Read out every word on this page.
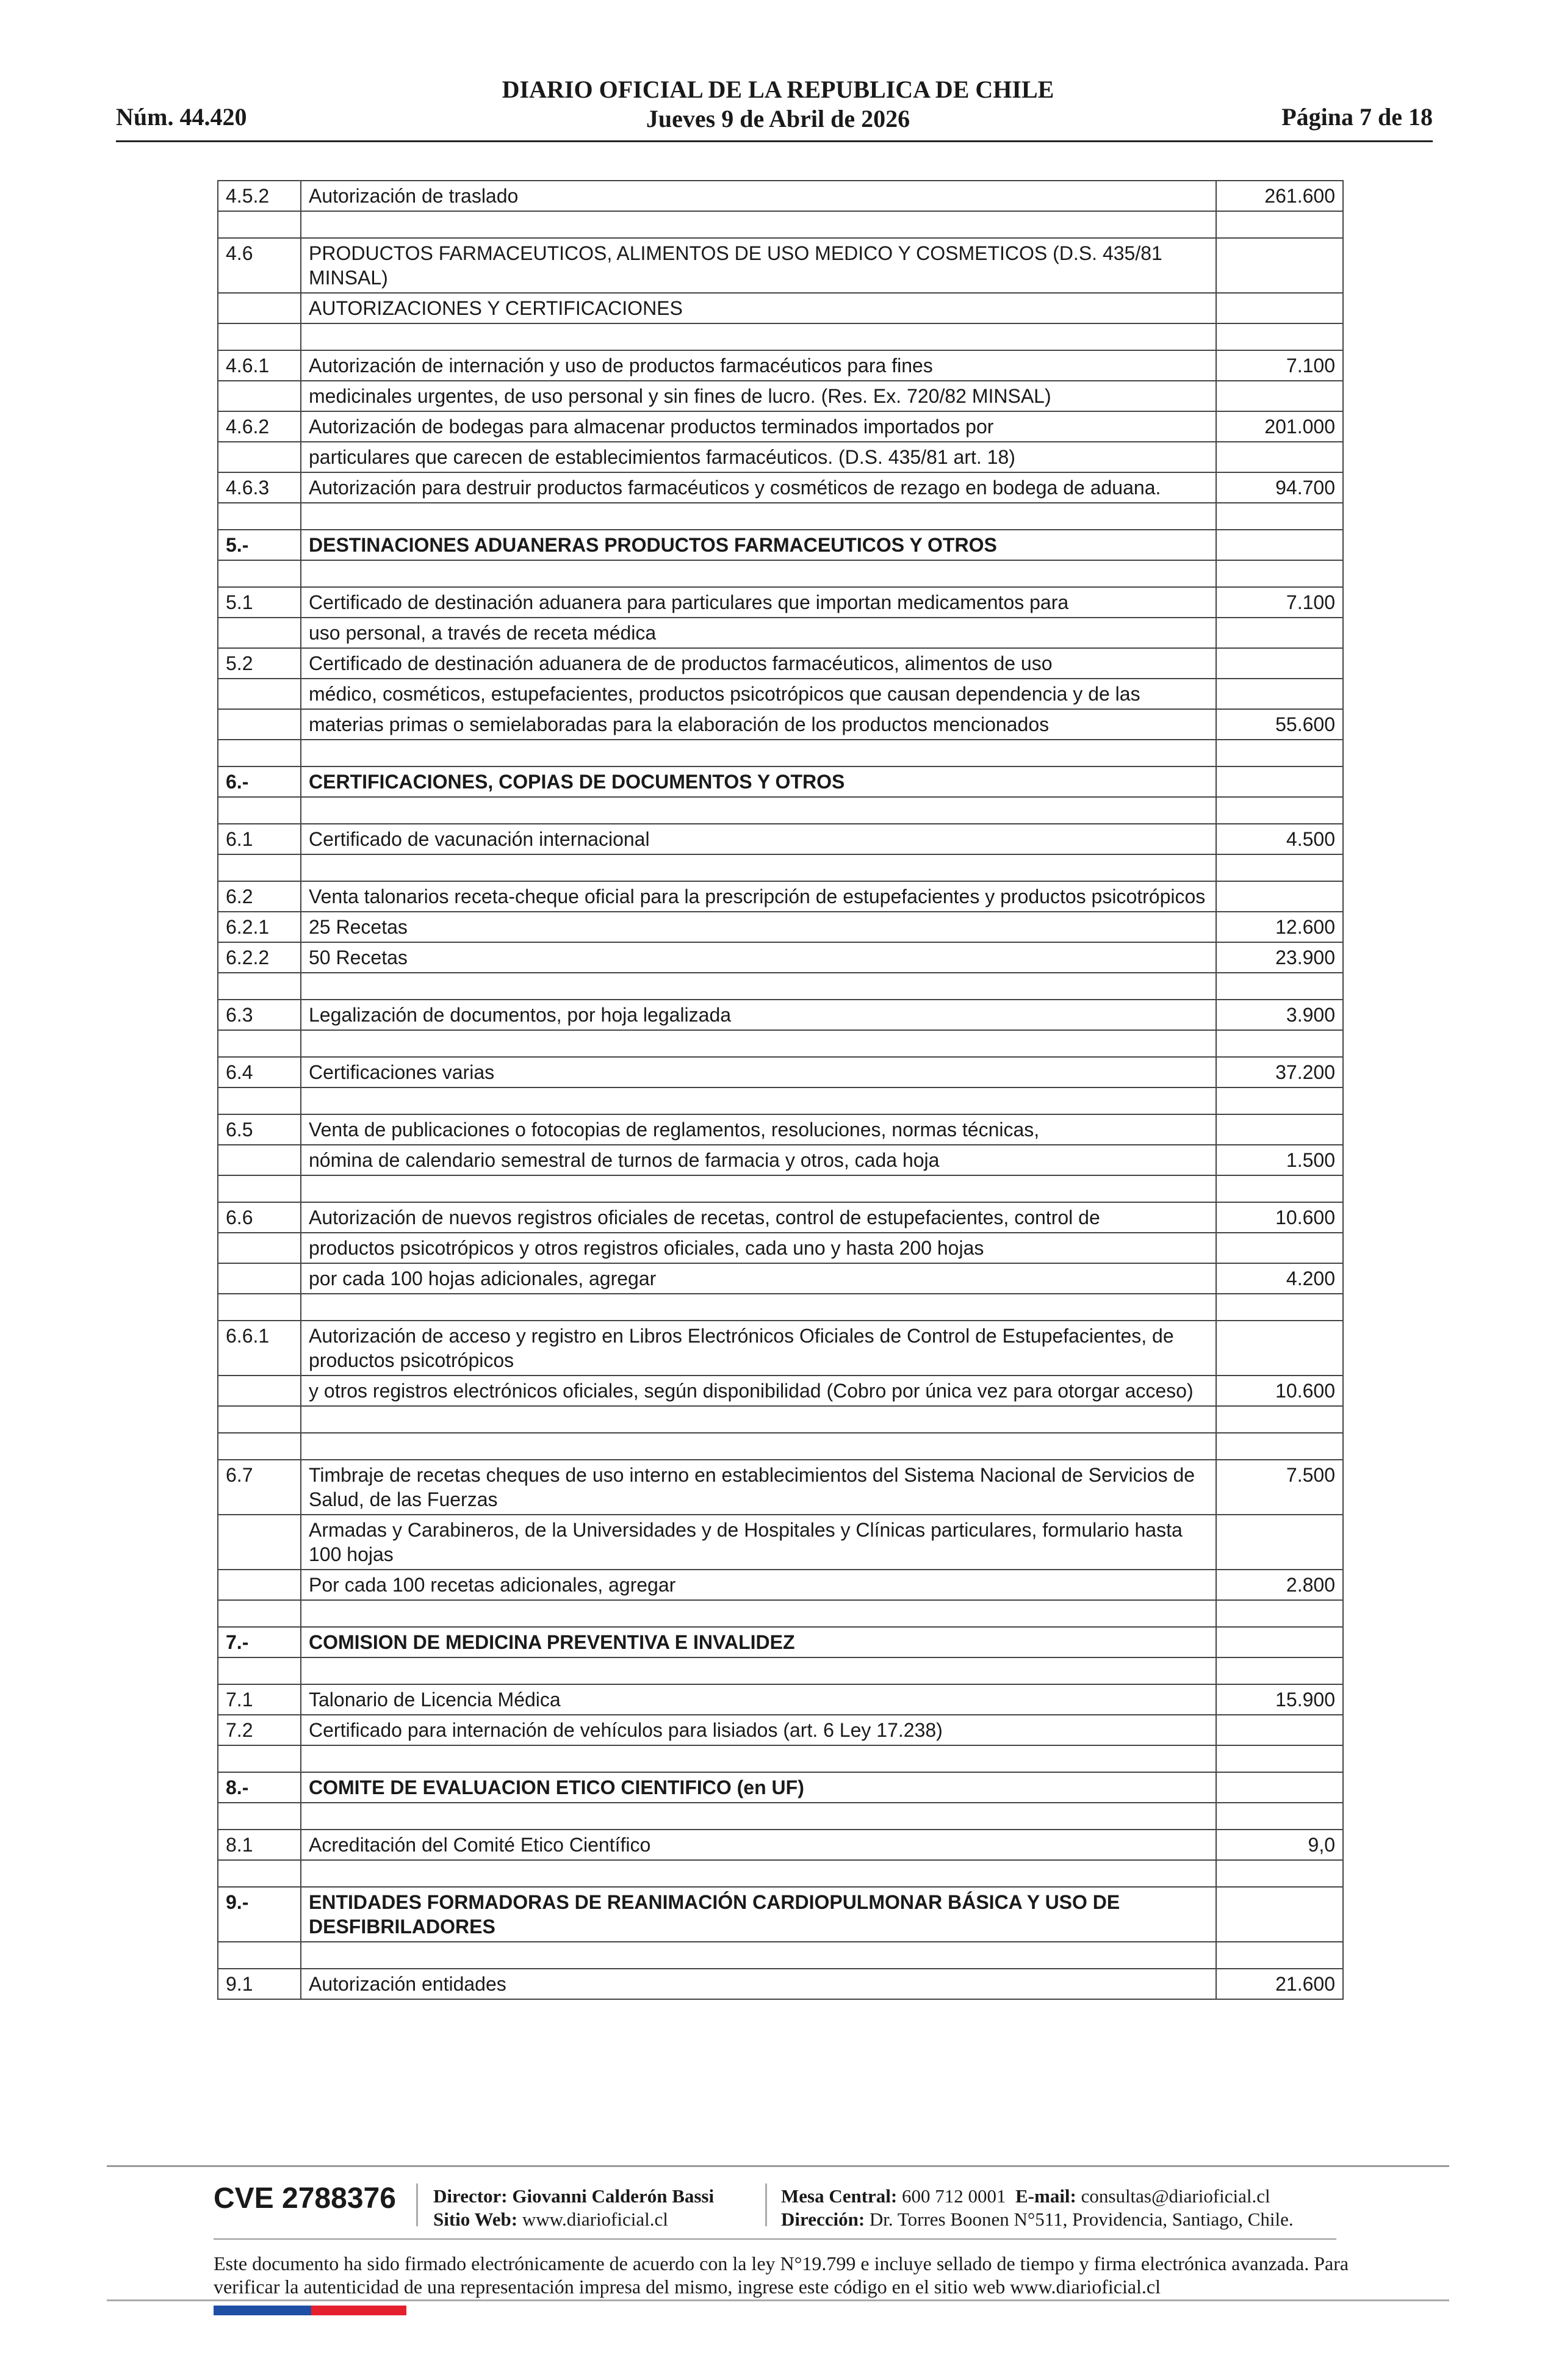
Núm. 44.420
DIARIO OFICIAL DE LA REPUBLICA DE CHILE
Jueves 9 de Abril de 2026	Página 7 de 18
4.5.2	Autorización de traslado	261.600

4.6	PRODUCTOS FARMACEUTICOS, ALIMENTOS DE USO MEDICO Y COSMETICOS (D.S. 435/81 MINSAL)	
	AUTORIZACIONES Y CERTIFICACIONES	

4.6.1	Autorización de internación y uso de productos farmacéuticos para fines	7.100
	medicinales urgentes, de uso personal y sin fines de lucro. (Res. Ex. 720/82 MINSAL)	
4.6.2	Autorización de bodegas para almacenar productos terminados importados por	201.000
	particulares que carecen de establecimientos farmacéuticos. (D.S. 435/81 art. 18)	
4.6.3	Autorización para destruir productos farmacéuticos y cosméticos de rezago en bodega de aduana.	94.700

5.-	DESTINACIONES ADUANERAS PRODUCTOS FARMACEUTICOS Y OTROS	

5.1	Certificado de destinación aduanera para particulares que importan medicamentos para	7.100
	uso personal, a través de receta médica	
5.2	Certificado de destinación aduanera de de productos farmacéuticos, alimentos de uso	
	médico, cosméticos, estupefacientes, productos psicotrópicos que causan dependencia y de las	
	materias primas o semielaboradas para la elaboración de los productos mencionados	55.600

6.-	CERTIFICACIONES, COPIAS DE DOCUMENTOS Y OTROS	

6.1	Certificado de vacunación internacional	4.500

6.2	Venta talonarios receta-cheque oficial para la prescripción de estupefacientes y productos psicotrópicos	
6.2.1	25 Recetas	12.600
6.2.2	50 Recetas	23.900

6.3	Legalización de documentos, por hoja legalizada	3.900

6.4	Certificaciones varias	37.200

6.5	Venta de publicaciones o fotocopias de reglamentos, resoluciones, normas técnicas,	
	nómina de calendario semestral de turnos de farmacia y otros, cada hoja	1.500

6.6	Autorización de nuevos registros oficiales de recetas, control de estupefacientes, control de	10.600
	productos psicotrópicos y otros registros oficiales, cada uno y hasta 200 hojas	
	por cada 100 hojas adicionales, agregar	4.200

6.6.1	Autorización de acceso y registro en Libros Electrónicos Oficiales de Control de Estupefacientes, de productos psicotrópicos	
	y otros registros electrónicos oficiales, según disponibilidad (Cobro por única vez para otorgar acceso)	10.600

6.7	Timbraje de recetas cheques de uso interno en establecimientos del Sistema Nacional de Servicios de Salud, de las Fuerzas	7.500
	Armadas y Carabineros, de la Universidades y de Hospitales y Clínicas particulares, formulario hasta 100 hojas	
	Por cada 100 recetas adicionales, agregar	2.800

7.-	COMISION DE MEDICINA PREVENTIVA E INVALIDEZ	

7.1	Talonario de Licencia Médica	15.900
7.2	Certificado para internación de vehículos para lisiados (art. 6 Ley 17.238)	

8.-	COMITE DE EVALUACION ETICO CIENTIFICO (en UF)	

8.1	Acreditación del Comité Etico Científico	9,0

9.-	ENTIDADES FORMADORAS DE REANIMACIÓN CARDIOPULMONAR BÁSICA Y USO DE DESFIBRILADORES	

9.1	Autorización entidades	21.600
CVE 2788376 Director: Giovanni Calderón Bassi
Sitio Web: www.diarioficial.cl
Mesa Central: 600 712 0001 E-mail: consultas@diarioficial.cl
Dirección: Dr. Torres Boonen N°511, Providencia, Santiago, Chile.
Este documento ha sido firmado electrónicamente de acuerdo con la ley N°19.799 e incluye sellado de tiempo y firma electrónica avanzada. Para verificar la autenticidad de una representación impresa del mismo, ingrese este código en el sitio web www.diarioficial.cl
